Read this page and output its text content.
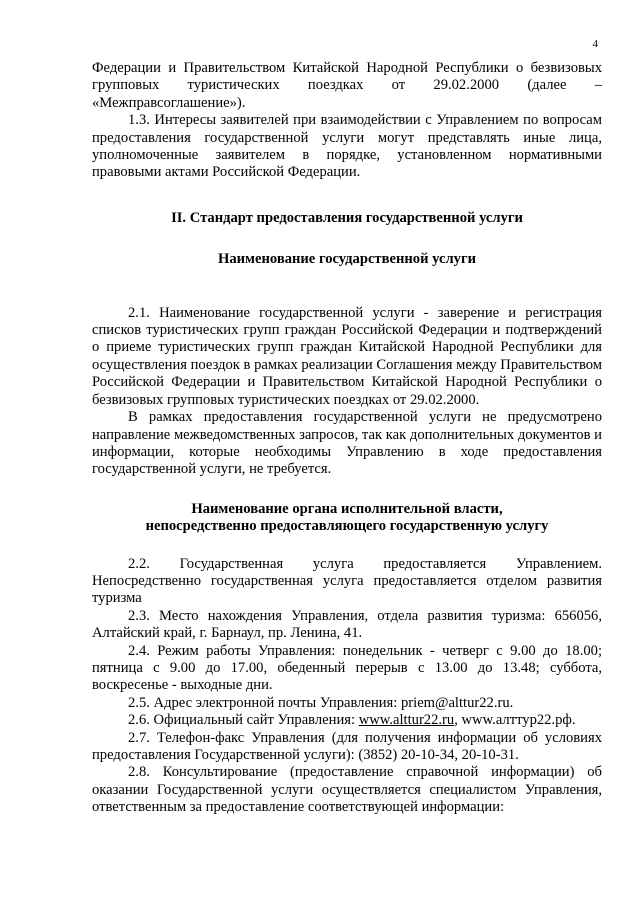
4

Федерации и Правительством Китайской Народной Республики о безвизовых групповых туристических поездках от 29.02.2000 (далее – «Межправсоглашение»).

1.3. Интересы заявителей при взаимодействии с Управлением по вопросам предоставления государственной услуги могут представлять иные лица, уполномоченные заявителем в порядке, установленном нормативными правовыми актами Российской Федерации.

II. Стандарт предоставления государственной услуги
Наименование государственной услуги

2.1. Наименование государственной услуги - заверение и регистрация списков туристических групп граждан Российской Федерации и подтверждений о приеме туристических групп граждан Китайской Народной Республики для осуществления поездок в рамках реализации Соглашения между Правительством Российской Федерации и Правительством Китайской Народной Республики о безвизовых групповых туристических поездках от 29.02.2000.

В рамках предоставления государственной услуги не предусмотрено направление межведомственных запросов, так как дополнительных документов и информации, которые необходимы Управлению в ходе предоставления государственной услуги, не требуется.

Наименование органа исполнительной власти,
непосредственно предоставляющего государственную услугу

2.2. Государственная услуга предоставляется Управлением. Непосредственно государственная услуга предоставляется отделом развития туризма

2.3. Место нахождения Управления, отдела развития туризма: 656056, Алтайский край, г. Барнаул, пр. Ленина, 41.

2.4. Режим работы Управления: понедельник - четверг с 9.00 до 18.00; пятница с 9.00 до 17.00, обеденный перерыв с 13.00 до 13.48; суббота, воскресенье - выходные дни.

2.5. Адрес электронной почты Управления: priem@alttur22.ru.

2.6. Официальный сайт Управления: www.alttur22.ru, www.алттур22.рф.

2.7. Телефон-факс Управления (для получения информации об условиях предоставления Государственной услуги): (3852) 20-10-34, 20-10-31.

2.8. Консультирование (предоставление справочной информации) об оказании Государственной услуги осуществляется специалистом Управления, ответственным за предоставление соответствующей информации:
